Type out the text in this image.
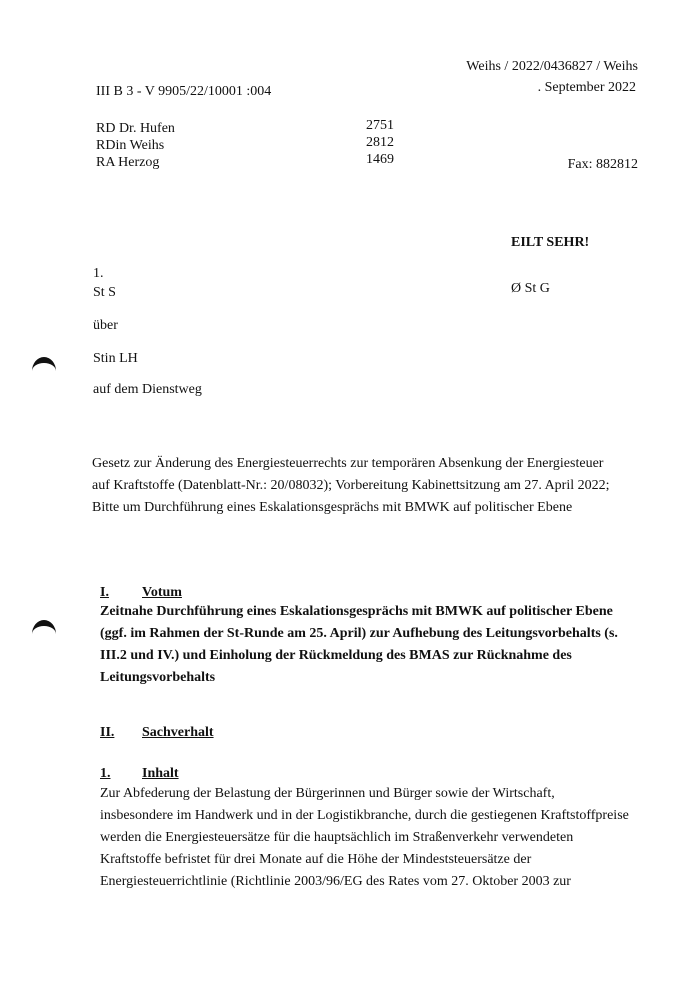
Weihs / 2022/0436827 / Weihs
III B 3 - V 9905/22/10001 :004	. September 2022
RD Dr. Hufen	2751
RDin Weihs	2812
RA Herzog	1469	Fax: 882812
EILT SEHR!
1.
St S	Ø St G
über
Stin LH
auf dem Dienstweg
Gesetz zur Änderung des Energiesteuerrechts zur temporären Absenkung der Energiesteuer
auf Kraftstoffe (Datenblatt-Nr.: 20/08032); Vorbereitung Kabinettsitzung am 27. April 2022;
Bitte um Durchführung eines Eskalationsgesprächs mit BMWK auf politischer Ebene
I. Votum
Zeitnahe Durchführung eines Eskalationsgesprächs mit BMWK auf politischer Ebene
(ggf. im Rahmen der St-Runde am 25. April) zur Aufhebung des Leitungsvorbehalts (s.
III.2 und IV.) und Einholung der Rückmeldung des BMAS zur Rücknahme des
Leitungsvorbehalts
II. Sachverhalt
1. Inhalt
Zur Abfederung der Belastung der Bürgerinnen und Bürger sowie der Wirtschaft,
insbesondere im Handwerk und in der Logistikbranche, durch die gestiegenen Kraftstoffpreise
werden die Energiesteuersätze für die hauptsächlich im Straßenverkehr verwendeten
Kraftstoffe befristet für drei Monate auf die Höhe der Mindeststeuersätze der
Energiesteuerrichtlinie (Richtlinie 2003/96/EG des Rates vom 27. Oktober 2003 zur
